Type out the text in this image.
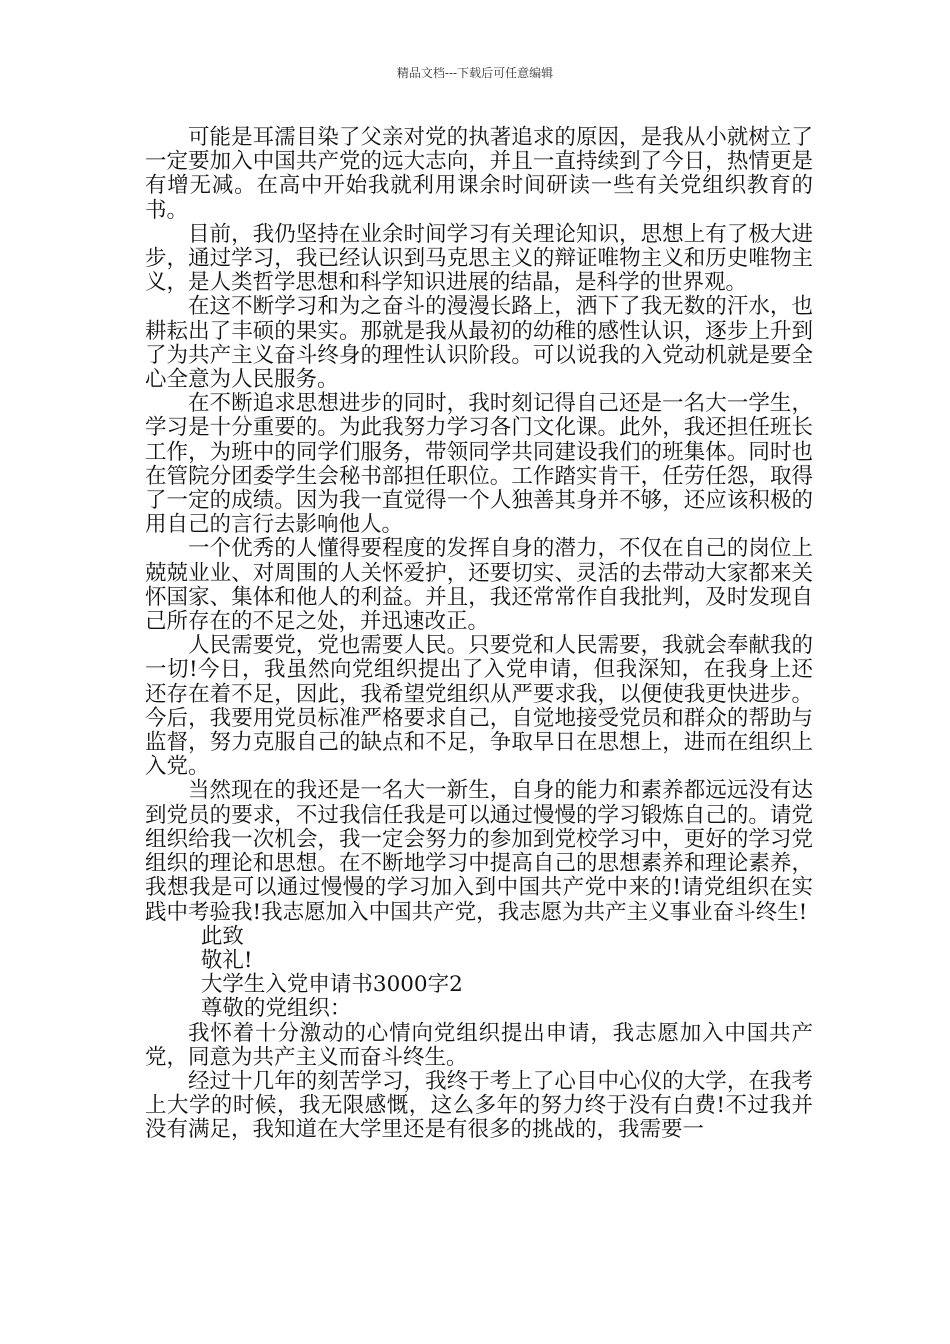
精品文档---下载后可任意编辑

可能是耳濡目染了父亲对党的执著追求的原因，是我从小就树立了一定要加入中国共产党的远大志向，并且一直持续到了今日，热情更是有增无减。在高中开始我就利用课余时间研读一些有关党组织教育的书。

目前，我仍坚持在业余时间学习有关理论知识，思想上有了极大进步，通过学习，我已经认识到马克思主义的辩证唯物主义和历史唯物主义，是人类哲学思想和科学知识进展的结晶，是科学的世界观。

在这不断学习和为之奋斗的漫漫长路上，洒下了我无数的汗水，也耕耘出了丰硕的果实。那就是我从最初的幼稚的感性认识，逐步上升到了为共产主义奋斗终身的理性认识阶段。可以说我的入党动机就是要全心全意为人民服务。

在不断追求思想进步的同时，我时刻记得自己还是一名大一学生，学习是十分重要的。为此我努力学习各门文化课。此外，我还担任班长工作，为班中的同学们服务，带领同学共同建设我们的班集体。同时也在管院分团委学生会秘书部担任职位。工作踏实肯干，任劳任怨，取得了一定的成绩。因为我一直觉得一个人独善其身并不够，还应该积极的用自己的言行去影响他人。

一个优秀的人懂得要程度的发挥自身的潜力，不仅在自己的岗位上兢兢业业、对周围的人关怀爱护，还要切实、灵活的去带动大家都来关怀国家、集体和他人的利益。并且，我还常常作自我批判，及时发现自己所存在的不足之处，并迅速改正。

人民需要党，党也需要人民。只要党和人民需要，我就会奉献我的一切!今日，我虽然向党组织提出了入党申请，但我深知，在我身上还还存在着不足，因此，我希望党组织从严要求我，以便使我更快进步。今后，我要用党员标准严格要求自己，自觉地接受党员和群众的帮助与监督，努力克服自己的缺点和不足，争取早日在思想上，进而在组织上入党。

当然现在的我还是一名大一新生，自身的能力和素养都远远没有达到党员的要求，不过我信任我是可以通过慢慢的学习锻炼自己的。请党组织给我一次机会，我一定会努力的参加到党校学习中，更好的学习党组织的理论和思想。在不断地学习中提高自己的思想素养和理论素养，我想我是可以通过慢慢的学习加入到中国共产党中来的!请党组织在实践中考验我!我志愿加入中国共产党，我志愿为共产主义事业奋斗终生!

此致

敬礼!

大学生入党申请书3000字2

尊敬的党组织：

我怀着十分激动的心情向党组织提出申请，我志愿加入中国共产党，同意为共产主义而奋斗终生。

经过十几年的刻苦学习，我终于考上了心目中心仪的大学，在我考上大学的时候，我无限感慨，这么多年的努力终于没有白费!不过我并没有满足，我知道在大学里还是有很多的挑战的，我需要一
